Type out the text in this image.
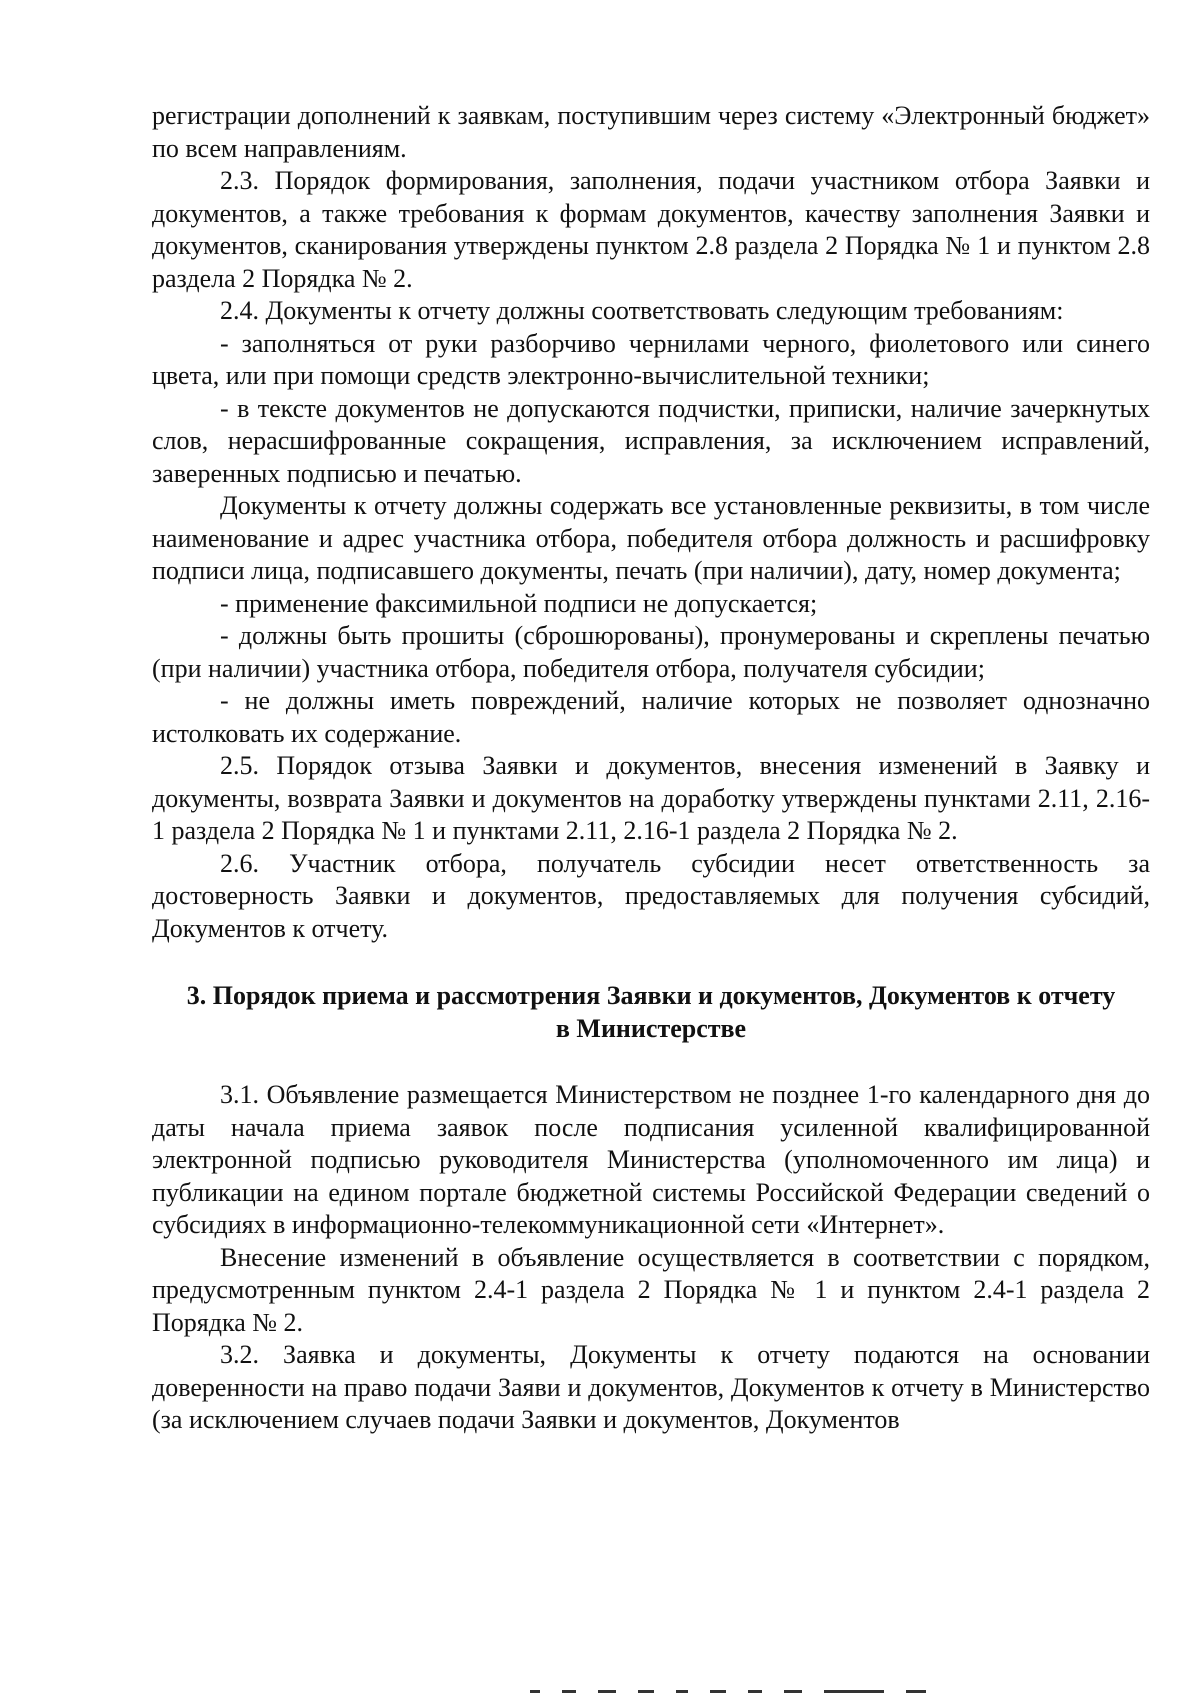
регистрации дополнений к заявкам, поступившим через систему «Электронный бюджет» по всем направлениям.

2.3. Порядок формирования, заполнения, подачи участником отбора Заявки и документов, а также требования к формам документов, качеству заполнения Заявки и документов, сканирования утверждены пунктом 2.8 раздела 2 Порядка № 1 и пунктом 2.8 раздела 2 Порядка № 2.

2.4. Документы к отчету должны соответствовать следующим требованиям:

- заполняться от руки разборчиво чернилами черного, фиолетового или синего цвета, или при помощи средств электронно-вычислительной техники;

- в тексте документов не допускаются подчистки, приписки, наличие зачеркнутых слов, нерасшифрованные сокращения, исправления, за исключением исправлений, заверенных подписью и печатью.

Документы к отчету должны содержать все установленные реквизиты, в том числе наименование и адрес участника отбора, победителя отбора должность и расшифровку подписи лица, подписавшего документы, печать (при наличии), дату, номер документа;

- применение факсимильной подписи не допускается;

- должны быть прошиты (сброшюрованы), пронумерованы и скреплены печатью (при наличии) участника отбора, победителя отбора, получателя субсидии;

- не должны иметь повреждений, наличие которых не позволяет однозначно истолковать их содержание.

2.5. Порядок отзыва Заявки и документов, внесения изменений в Заявку и документы, возврата Заявки и документов на доработку утверждены пунктами 2.11, 2.16-1 раздела 2 Порядка № 1 и пунктами 2.11, 2.16-1 раздела 2 Порядка № 2.

2.6. Участник отбора, получатель субсидии несет ответственность за достоверность Заявки и документов, предоставляемых для получения субсидий, Документов к отчету.

3. Порядок приема и рассмотрения Заявки и документов, Документов к отчету в Министерстве

3.1. Объявление размещается Министерством не позднее 1-го календарного дня до даты начала приема заявок после подписания усиленной квалифицированной электронной подписью руководителя Министерства (уполномоченного им лица) и публикации на едином портале бюджетной системы Российской Федерации сведений о субсидиях в информационно-телекоммуникационной сети «Интернет».

Внесение изменений в объявление осуществляется в соответствии с порядком, предусмотренным пунктом 2.4-1 раздела 2 Порядка № 1 и пунктом 2.4-1 раздела 2 Порядка № 2.

3.2. Заявка и документы, Документы к отчету подаются на основании доверенности на право подачи Заяви и документов, Документов к отчету в Министерство (за исключением случаев подачи Заявки и документов, Документов
